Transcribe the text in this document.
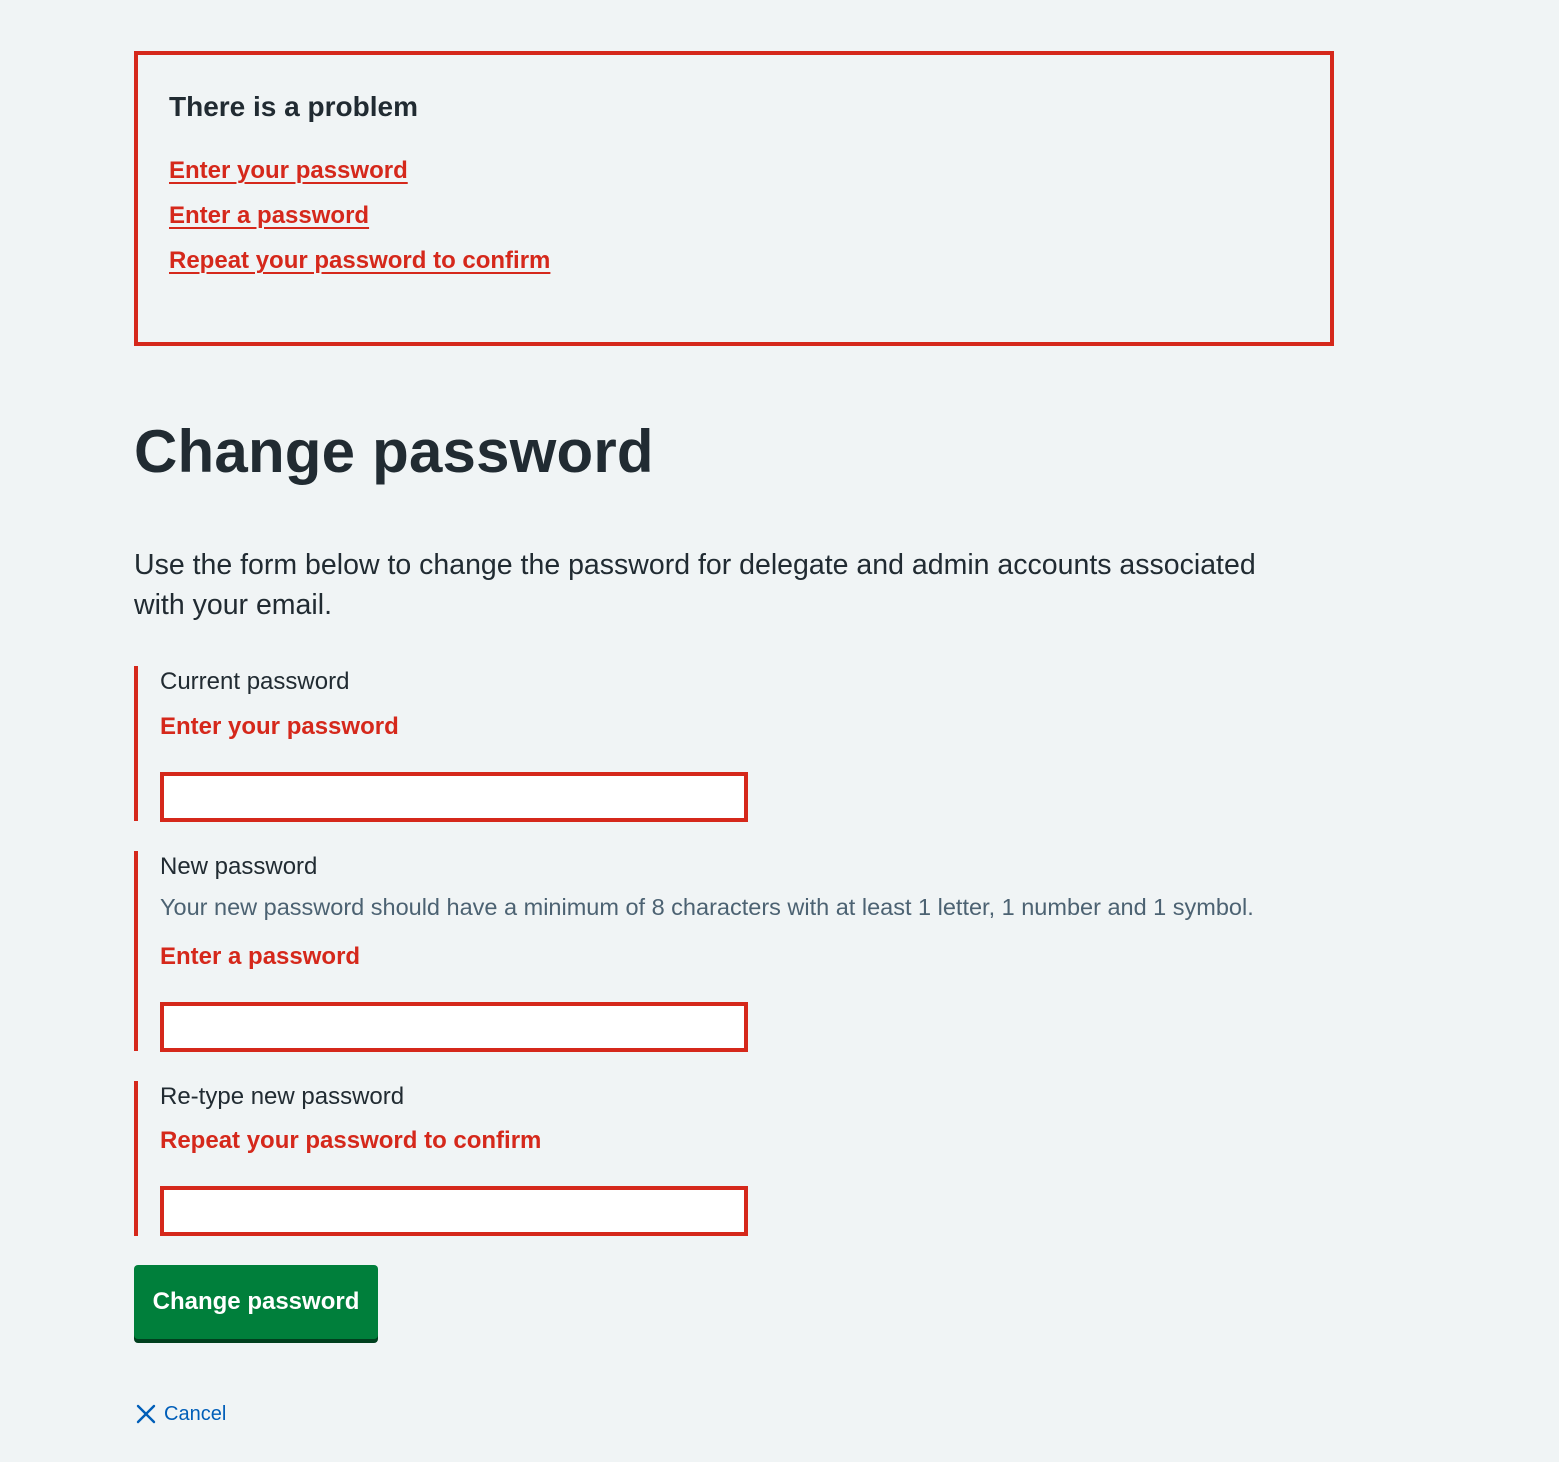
There is a problem
Enter your password
Enter a password
Repeat your password to confirm
Change password

Use the form below to change the password for delegate and admin accounts associated with your email.

Current password
Enter your password
New password
Your new password should have a minimum of 8 characters with at least 1 letter, 1 number and 1 symbol.
Enter a password
Re-type new password
Repeat your password to confirm
Change password
Cancel
